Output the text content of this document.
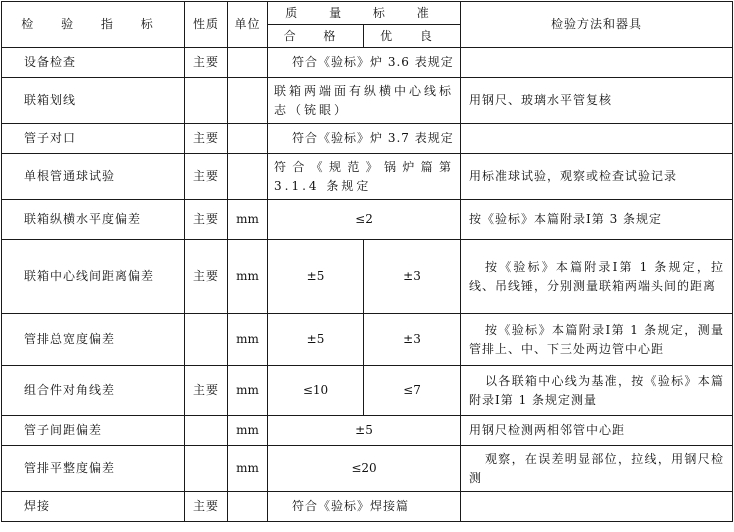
检 验 指 标	性质	单位	质 量 标 准		检验方法和器具
			合 格	优 良	
设备检查	主要		符合《验标》炉 3.6 表规定		
联箱划线			联箱两端面有纵横中心线标志（铳眼）		用钢尺、玻璃水平管复核
管子对口	主要		符合《验标》炉 3.7 表规定		
单根管通球试验	主要		符合《规范》锅炉篇第 3.1.4 条规定		用标准球试验，观察或检查试验记录
联箱纵横水平度偏差	主要	mm	≤2		按《验标》本篇附录Ⅰ第 3 条规定
联箱中心线间距离偏差	主要	mm	±5	±3	按《验标》本篇附录Ⅰ第 1 条规定，拉线、吊线锤，分别测量联箱两端头间的距离
管排总宽度偏差		mm	±5	±3	按《验标》本篇附录Ⅰ第 1 条规定，测量管排上、中、下三处两边管中心距
组合件对角线差	主要	mm	≤10	≤7	以各联箱中心线为基准，按《验标》本篇附录Ⅰ第 1 条规定测量
管子间距偏差		mm	±5		用钢尺检测两相邻管中心距
管排平整度偏差		mm	≤20		观察，在误差明显部位，拉线，用钢尺检测
焊接	主要		符合《验标》焊接篇		
